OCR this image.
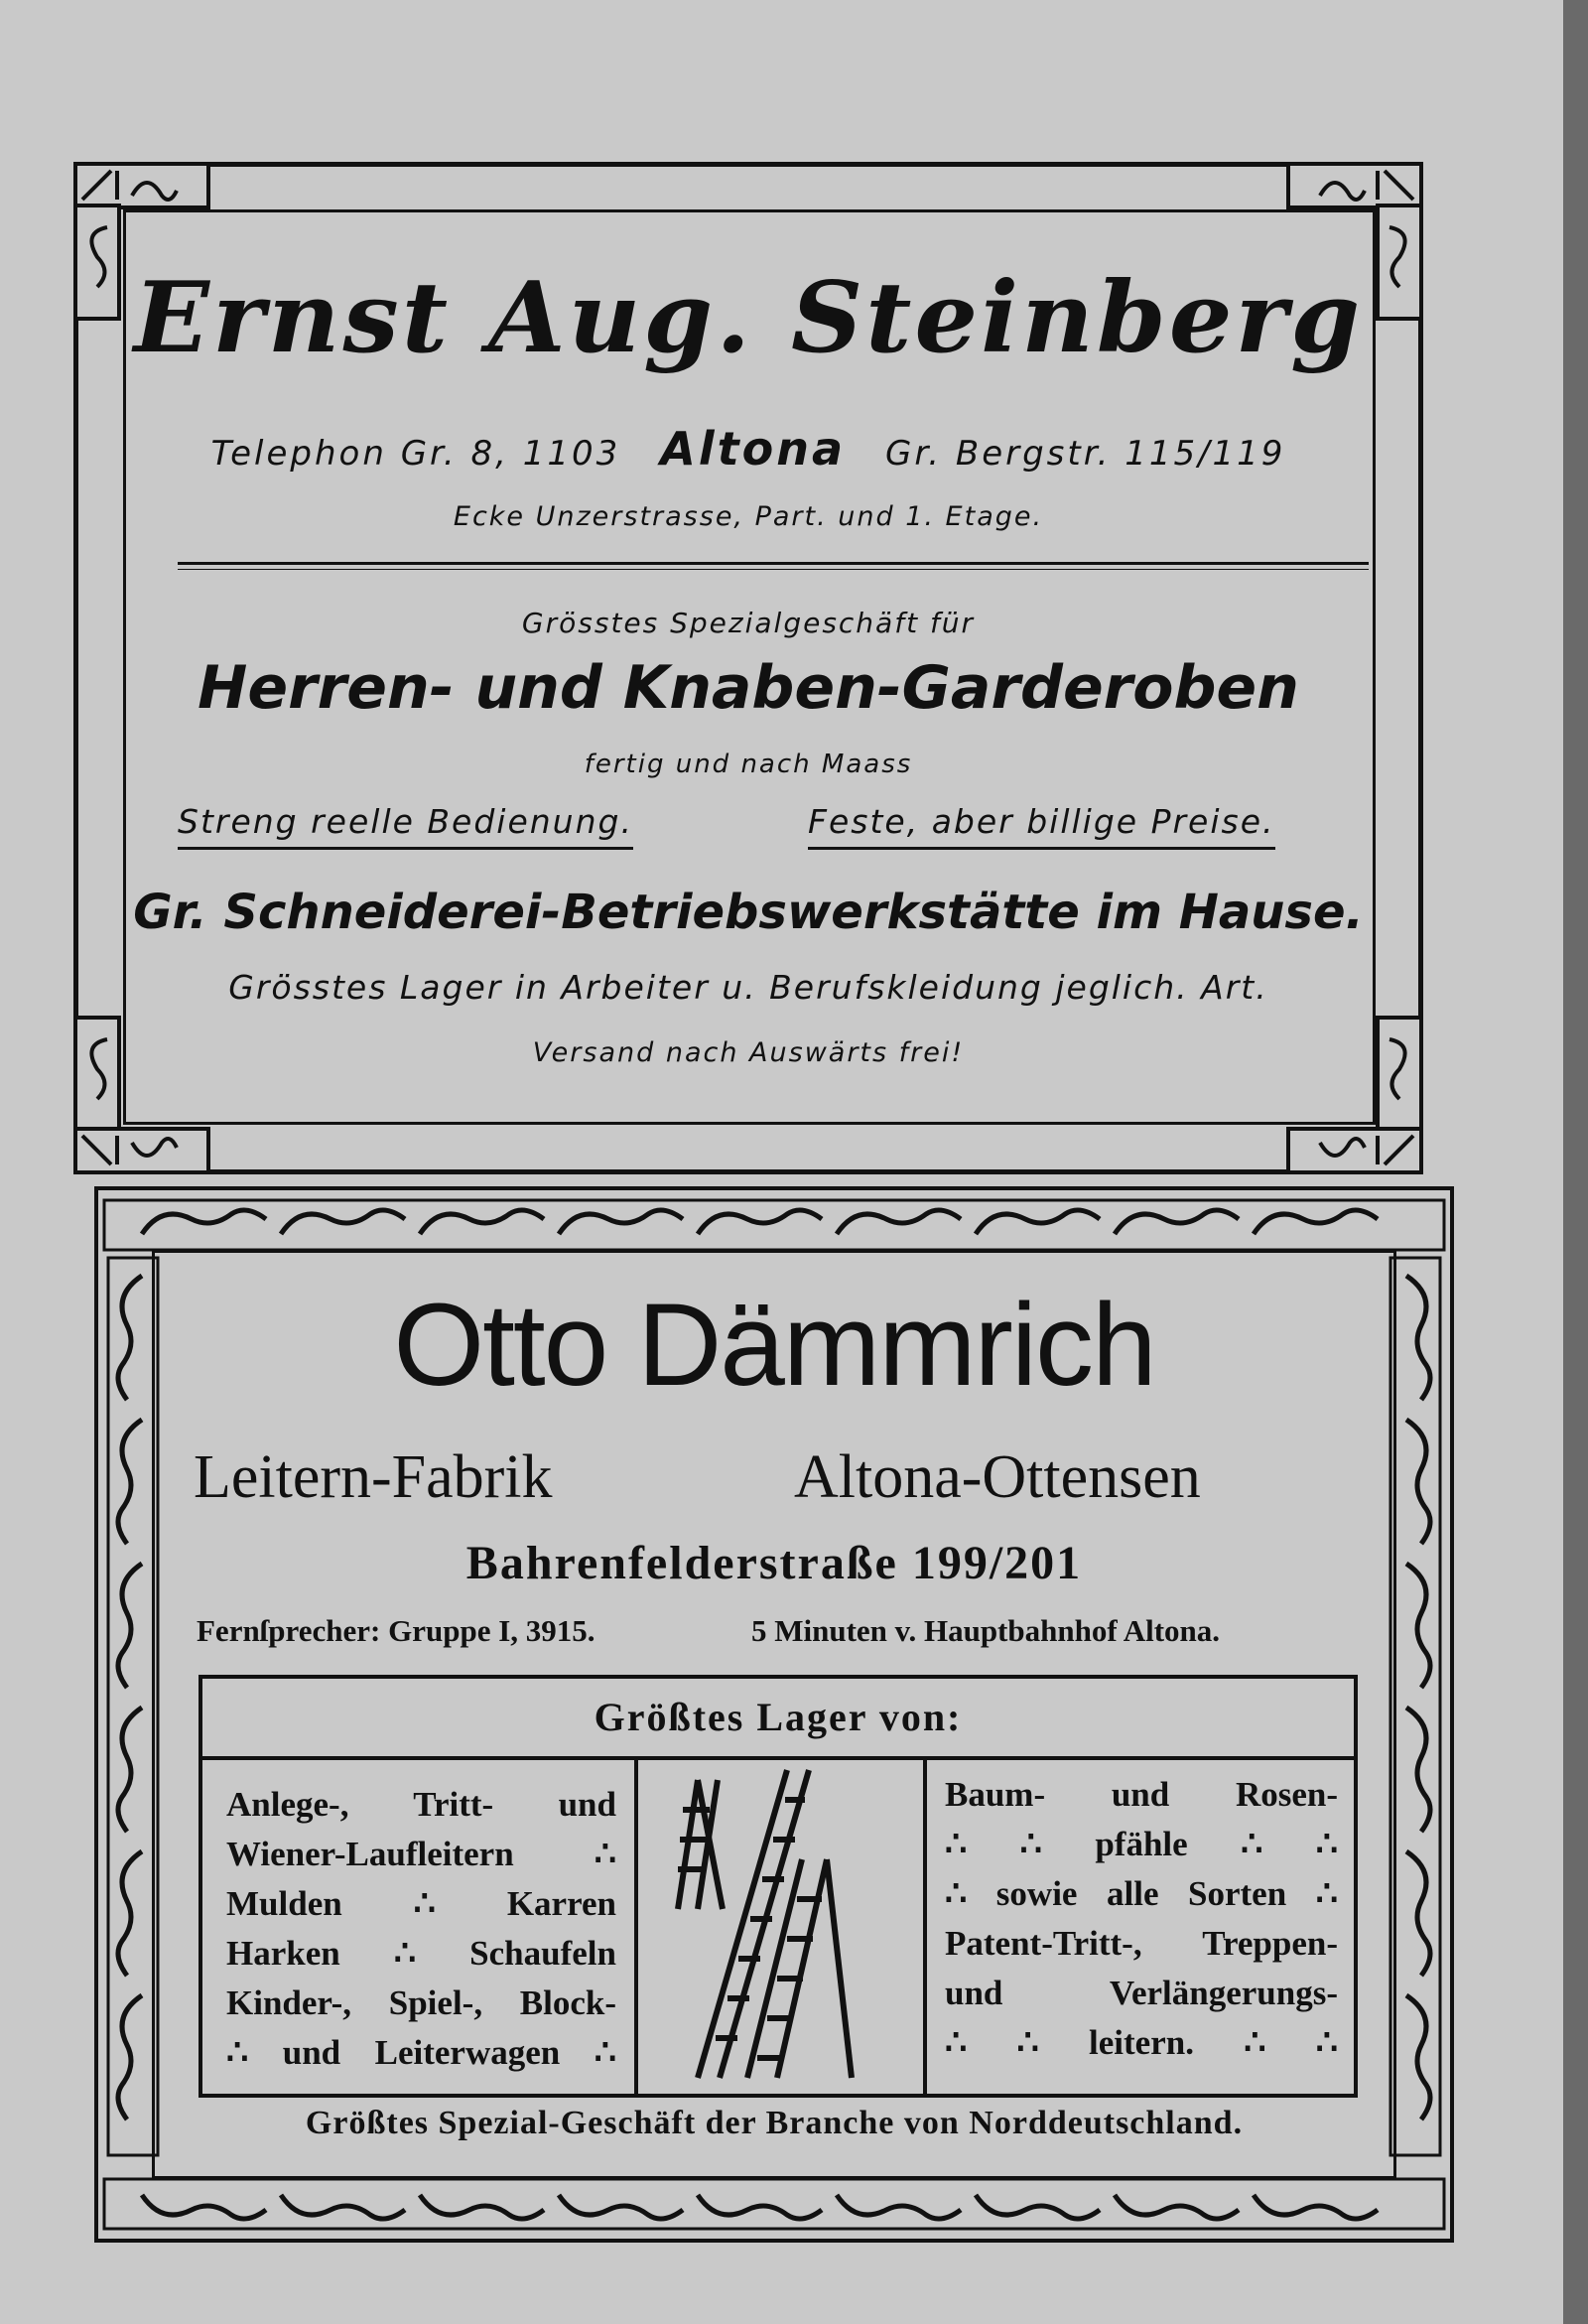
Ernst Aug. Steinberg
Telephon Gr. 8, 1103 Altona Gr. Bergstr. 115/119
Ecke Unzerstrasse, Part. und 1. Etage.
Grösstes Spezialgeschäft für
Herren- und Knaben-Garderoben
fertig und nach Maass
Streng reelle Bedienung.	Feste, aber billige Preise.
Gr. Schneiderei-Betriebswerkstätte im Hause.
Grösstes Lager in Arbeiter u. Berufskleidung jeglich. Art.
Versand nach Auswärts frei!
Otto Dämmrich
Leitern-Fabrik	Altona-Ottensen
Bahrenfelderstraße 199/201
Fernſprecher: Gruppe I, 3915.	5 Minuten v. Hauptbahnhof Altona.
Größtes Lager von:
Anlege-, Tritt- und
Wiener-Laufleitern ∴
Mulden ∴ Karren
Harken ∴ Schaufeln
Kinder-, Spiel-, Block-
∴ und Leiterwagen ∴
Baum- und Rosen-
∴ ∴ pfähle ∴ ∴
∴ sowie alle Sorten ∴
Patent-Tritt-, Treppen-
und Verlängerungs-
∴ ∴ leitern. ∴ ∴
Größtes Spezial-Geschäft der Branche von Norddeutschland.
